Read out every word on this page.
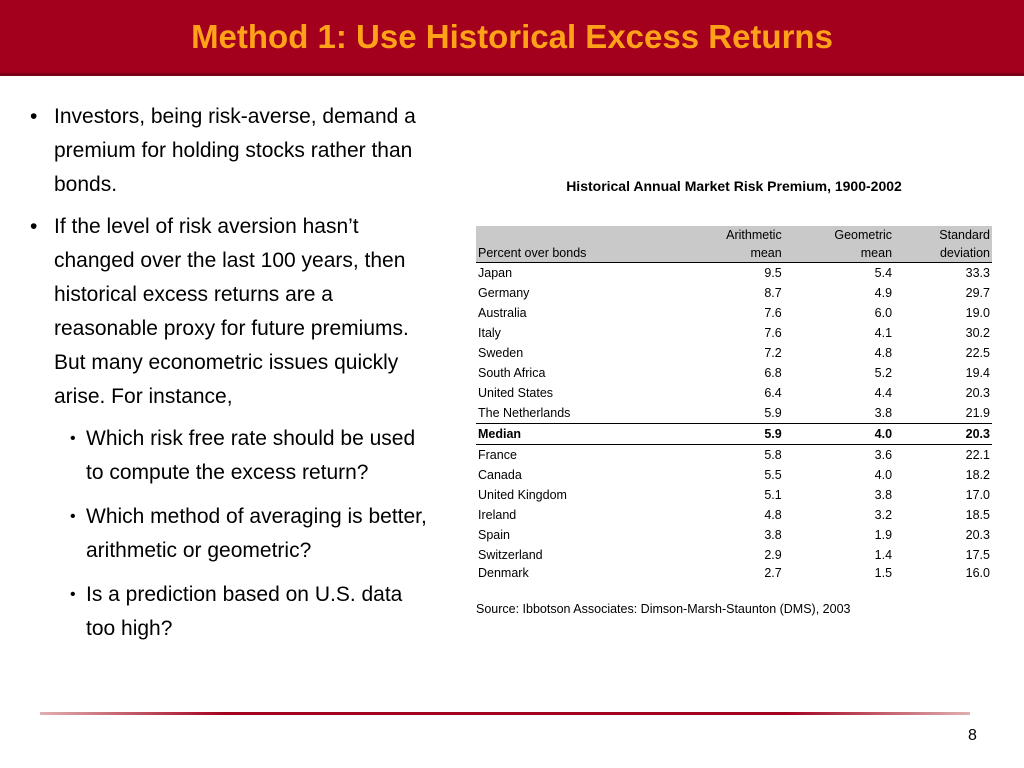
Method 1: Use Historical Excess Returns
• Investors, being risk-averse, demand a premium for holding stocks rather than bonds.
• If the level of risk aversion hasn’t changed over the last 100 years, then historical excess returns are a reasonable proxy for future premiums. But many econometric issues quickly arise. For instance,
• Which risk free rate should be used to compute the excess return?
• Which method of averaging is better, arithmetic or geometric?
• Is a prediction based on U.S. data too high?
Historical Annual Market Risk Premium, 1900-2002
	Arithmetic	Geometric	Standard
Percent over bonds	mean	mean	deviation
Japan	9.5	5.4	33.3
Germany	8.7	4.9	29.7
Australia	7.6	6.0	19.0
Italy	7.6	4.1	30.2
Sweden	7.2	4.8	22.5
South Africa	6.8	5.2	19.4
United States	6.4	4.4	20.3
The Netherlands	5.9	3.8	21.9
Median	5.9	4.0	20.3
France	5.8	3.6	22.1
Canada	5.5	4.0	18.2
United Kingdom	5.1	3.8	17.0
Ireland	4.8	3.2	18.5
Spain	3.8	1.9	20.3
Switzerland	2.9	1.4	17.5
Denmark	2.7	1.5	16.0
Source: Ibbotson Associates: Dimson-Marsh-Staunton (DMS), 2003
8
